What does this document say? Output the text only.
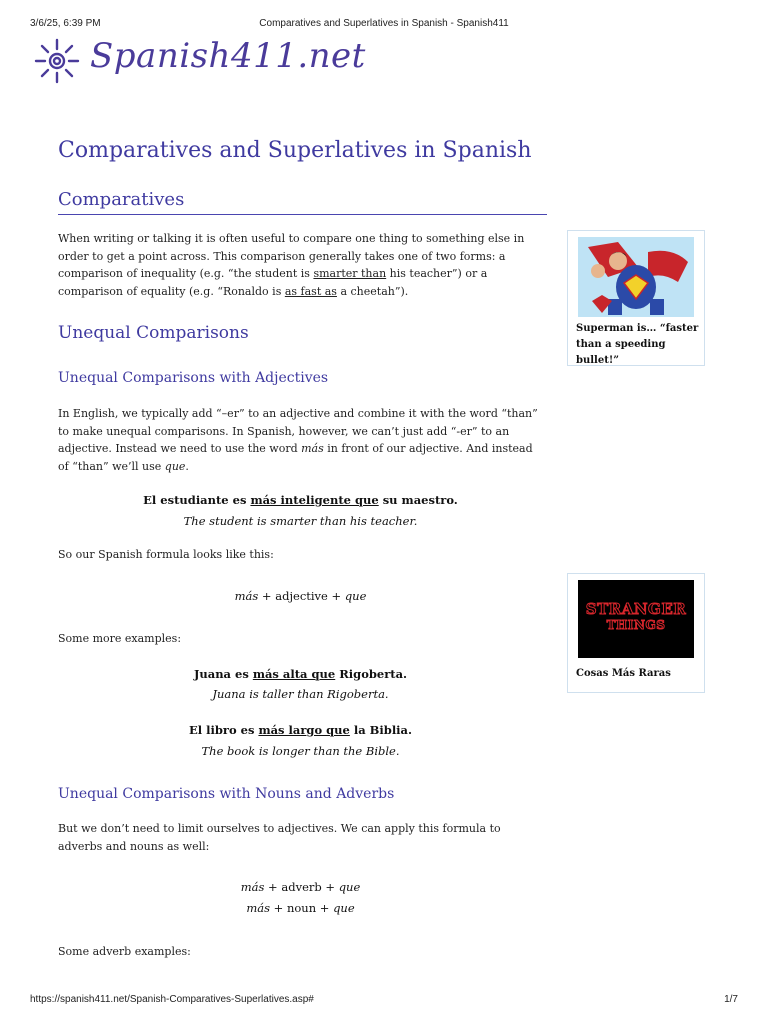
3/6/25, 6:39 PM	Comparatives and Superlatives in Spanish - Spanish411
Spanish411.net
Comparatives and Superlatives in Spanish
Comparatives
When writing or talking it is often useful to compare one thing to something else in order to get a point across. This comparison generally takes one of two forms: a comparison of inequality (e.g. “the student is smarter than his teacher”) or a comparison of equality (e.g. “Ronaldo is as fast as a cheetah”).
Unequal Comparisons
Unequal Comparisons with Adjectives
In English, we typically add “–er” to an adjective and combine it with the word “than” to make unequal comparisons. In Spanish, however, we can’t just add “-er” to an adjective. Instead we need to use the word más in front of our adjective. And instead of “than” we’ll use que.
El estudiante es más inteligente que su maestro.
The student is smarter than his teacher.
So our Spanish formula looks like this:
más + adjective + que
Some more examples:
Juana es más alta que Rigoberta.
Juana is taller than Rigoberta.
El libro es más largo que la Biblia.
The book is longer than the Bible.
Unequal Comparisons with Nouns and Adverbs
But we don’t need to limit ourselves to adjectives. We can apply this formula to adverbs and nouns as well:
más + adverb + que
más + noun + que
Some adverb examples:
Superman is… “faster than a speeding bullet!”
STRANGER
THINGS
Cosas Más Raras
https://spanish411.net/Spanish-Comparatives-Superlatives.asp#	1/7
